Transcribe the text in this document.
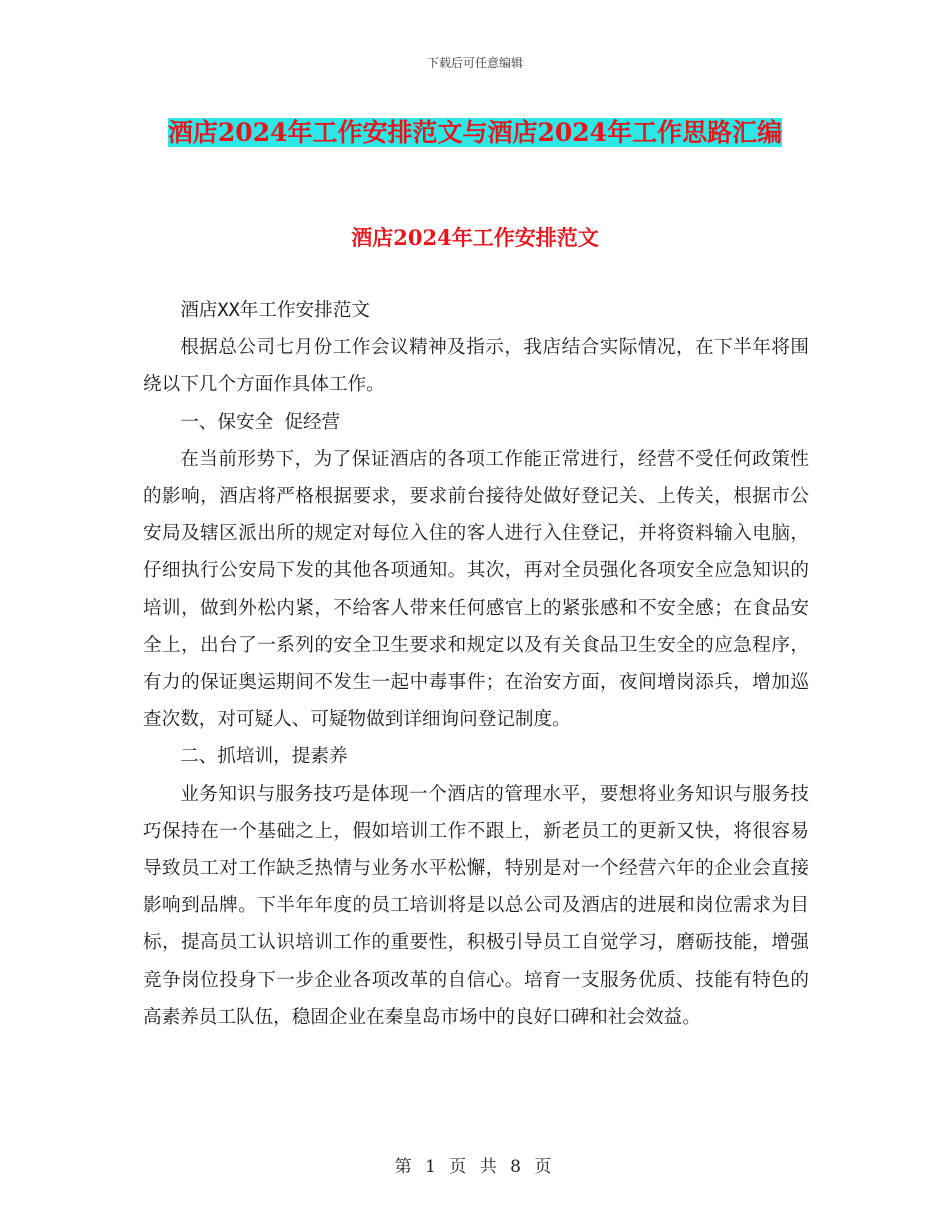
下载后可任意编辑
酒店2024年工作安排范文与酒店2024年工作思路汇编
酒店2024年工作安排范文

酒店XX年工作安排范文

根据总公司七月份工作会议精神及指示，我店结合实际情况，在下半年将围绕以下几个方面作具体工作。

一、保安全 促经营

在当前形势下，为了保证酒店的各项工作能正常进行，经营不受任何政策性的影响，酒店将严格根据要求，要求前台接待处做好登记关、上传关，根据市公安局及辖区派出所的规定对每位入住的客人进行入住登记，并将资料输入电脑，仔细执行公安局下发的其他各项通知。其次，再对全员强化各项安全应急知识的培训，做到外松内紧，不给客人带来任何感官上的紧张感和不安全感；在食品安全上，出台了一系列的安全卫生要求和规定以及有关食品卫生安全的应急程序，有力的保证奥运期间不发生一起中毒事件；在治安方面，夜间增岗添兵，增加巡查次数，对可疑人、可疑物做到详细询问登记制度。

二、抓培训，提素养

业务知识与服务技巧是体现一个酒店的管理水平，要想将业务知识与服务技巧保持在一个基础之上，假如培训工作不跟上，新老员工的更新又快，将很容易导致员工对工作缺乏热情与业务水平松懈，特别是对一个经营六年的企业会直接影响到品牌。下半年年度的员工培训将是以总公司及酒店的进展和岗位需求为目标，提高员工认识培训工作的重要性，积极引导员工自觉学习，磨砺技能，增强竞争岗位投身下一步企业各项改革的自信心。培育一支服务优质、技能有特色的高素养员工队伍，稳固企业在秦皇岛市场中的良好口碑和社会效益。

第 1 页 共 8 页
